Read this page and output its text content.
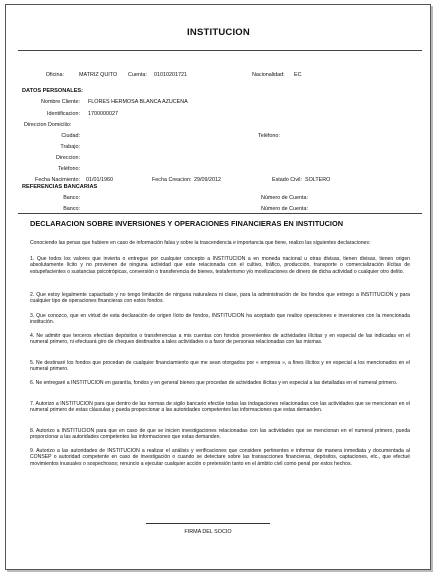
INSTITUCION
Oficina:	MATRIZ QUITO Cuenta: 01010201721	Nacionalidad: EC
DATOS PERSONALES:
Nombre Cliente: FLORES HERMOSA BLANCA AZUCENA
Identificacion: 1700000027
Direccion Domicilio:
Ciudad:	Teléfono:
Trabajo:
Direccion:
Teléfono:
Fecha Nacimiento: 01/01/1960	Fecha Creacion: 29/09/2012	Estado Civil: SOLTERO
REFERENCIAS BANCARIAS
Banco:	Número de Cuenta:
Banco:	Número de Cuenta:
DECLARACION SOBRE INVERSIONES Y OPERACIONES FINANCIERAS EN INSTITUCION
Conociendo las penas que hubiere en caso de información falsa y sobre la trascendencia e importancia que tiene, realizo las siguientes declaraciones:
1. Que todos los valores que invierta o entregue por cualquier concepto a INSTITUCION a en moneda nacional u otras divisas, tienen divisas, tienen origen absolutamente lícito y no provienen de ninguna actividad que este relacionada con el cultivo, tráfico, producción, transporte o comercialización ilícitas de estupefacientes o sustancias psicotrópicas, conversión o transferencia de bienes, testaferrismo y/o movilizaciones de dinero de dicha actividad o cualquier otro delito.
2. Que estoy legalmente capacitado y no tengo limitación de ninguna naturaleza ni clase, para la administración de los fondos que entrego a INSTITUCION y para cualquier tipo de operaciones financieras con estos fondos.
3. Que conozco, que en virtud de esta declaración de origen lícito de fondos, INSTITUCION ha aceptado que realice operaciones e inversiones con la mencionada institución.
4. Ne admitir que terceros efectúan depósitos o transferencias a mis cuentas con fondos provenientes de actividades ilícitas y en especial de las indicadas en el numeral primero, ni efectuará giro de cheques destinados a tales actividades o a favor de personas relacionadas con las mismas.
5. Ne destinaré los fondos que procedan de cualquier financiamiento que me sean otorgados por « empresa », a fines ilícitos y en especial a los mencionados en el numeral primero.
6. Ne entregaré a INSTITUCION en garantía, fondos y en general bienes que procedan de actividades ilícitas y en especial a las detalladas en el numeral primero.
7. Autorizo a INSTITUCION para que dentro de las normas de sigilo bancario efectúe todas las indagaciones relacionadas con las actividades que se mencionan en el numeral primero de estas cláusulas y pueda proporcionar a las autoridades competentes las informaciones que estas demanden.
8. Autorizo a INSTITUCION para que en caso de que se inicien investigaciones relacionadas con las actividades que se mencionan en el numeral primero, pueda proporcionar a las autoridades competentes las informaciones que estas demanden.
9. Autorizo a las autoridades de INSTITUCION a realizar el análisis y verificaciones que considere pertinentes e informar de manera inmediata y documentada al CONSEP o autoridad competente en caso de investigación o cuando se detectare sobre las transacciones financieras, depósitos, captaciones, etc., que efectué movimientos inusuales o sospechosos; renuncio a ejecutar cualquier acción o pretensión tanto en el ámbito civil como penal por estos hechos.
FIRMA DEL SOCIO
